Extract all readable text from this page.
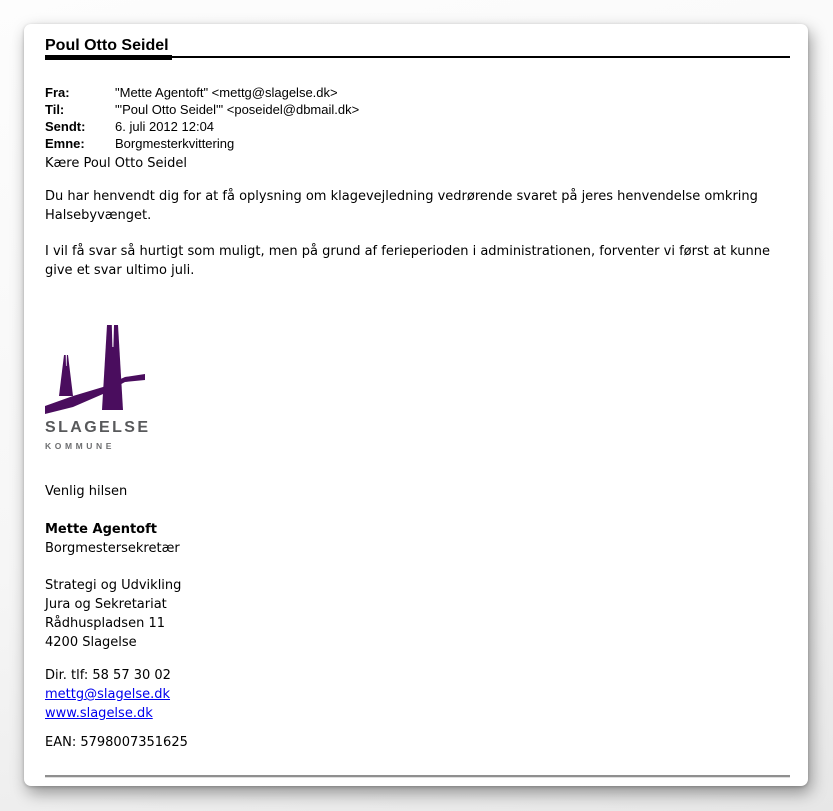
Poul Otto Seidel
Fra:	"Mette Agentoft" <mettg@slagelse.dk>
Til:	"'Poul Otto Seidel'" <poseidel@dbmail.dk>
Sendt:	6. juli 2012 12:04
Emne:	Borgmesterkvittering
Kære Poul Otto Seidel
Du har henvendt dig for at få oplysning om klagevejledning vedrørende svaret på jeres henvendelse omkring Halsebyvænget.
I vil få svar så hurtigt som muligt, men på grund af ferieperioden i administrationen, forventer vi først at kunne give et svar ultimo juli.
SLAGELSE
KOMMUNE
Venlig hilsen
Mette Agentoft
Borgmestersekretær
Strategi og Udvikling
Jura og Sekretariat
Rådhuspladsen 11
4200 Slagelse
Dir. tlf: 58 57 30 02
mettg@slagelse.dk
www.slagelse.dk
EAN: 5798007351625
